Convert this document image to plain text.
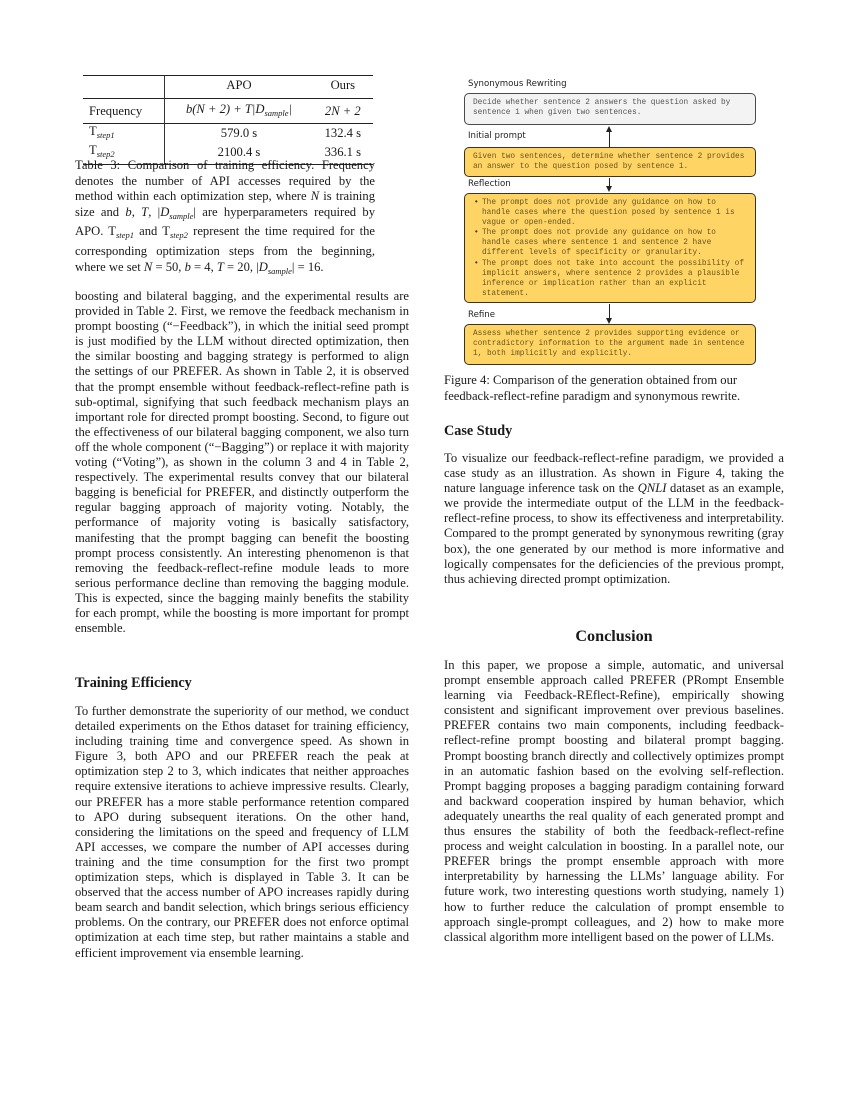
	APO	Ours
Frequency	$b(N + 2) + T|D_{sample}|$	2N + 2
$T_{step1}$	579.0 s	132.4 s
$T_{step2}$	2100.4 s	336.1 s
Table 3: Comparison of training efficiency. Frequency denotes the number of API accesses required by the method within each optimization step, where N is training size and b, T, $|D_{sample}|$ are hyperparameters required by APO. $T_{step1}$ and $T_{step2}$ represent the time required for the corresponding optimization steps from the beginning, where we set N = 50, b = 4, T = 20, $|D_{sample}| = 16$.
boosting and bilateral bagging, and the experimental results are provided in Table 2. First, we remove the feedback mechanism in prompt boosting (“−Feedback”), in which the initial seed prompt is just modified by the LLM without directed optimization, then the similar boosting and bagging strategy is performed to align the settings of our PREFER. As shown in Table 2, it is observed that the prompt ensemble without feedback-reflect-refine path is sub-optimal, signifying that such feedback mechanism plays an important role for directed prompt boosting. Second, to figure out the effectiveness of our bilateral bagging component, we also turn off the whole component (“−Bagging”) or replace it with majority voting (“Voting”), as shown in the column 3 and 4 in Table 2, respectively. The experimental results convey that our bilateral bagging is beneficial for PREFER, and distinctly outperform the regular bagging approach of majority voting. Notably, the performance of majority voting is basically satisfactory, manifesting that the prompt bagging can benefit the boosting prompt process consistently. An interesting phenomenon is that removing the feedback-reflect-refine module leads to more serious performance decline than removing the bagging module. This is expected, since the bagging mainly benefits the stability for each prompt, while the boosting is more important for prompt ensemble.
Training Efficiency
To further demonstrate the superiority of our method, we conduct detailed experiments on the Ethos dataset for training efficiency, including training time and convergence speed. As shown in Figure 3, both APO and our PREFER reach the peak at optimization step 2 to 3, which indicates that neither approaches require extensive iterations to achieve impressive results. Clearly, our PREFER has a more stable performance retention compared to APO during subsequent iterations. On the other hand, considering the limitations on the speed and frequency of LLM API accesses, we compare the number of API accesses during training and the time consumption for the first two prompt optimization steps, which is displayed in Table 3. It can be observed that the access number of APO increases rapidly during beam search and bandit selection, which brings serious efficiency problems. On the contrary, our PREFER does not enforce optimal optimization at each time step, but rather maintains a stable and efficient improvement via ensemble learning.
Synonymous Rewriting
Decide whether sentence 2 answers the question asked by sentence 1 when given two sentences.
Initial prompt
Given two sentences, determine whether sentence 2 provides an answer to the question posed by sentence 1.
Reflection
• The prompt does not provide any guidance on how to handle cases where the question posed by sentence 1 is vague or open-ended.
• The prompt does not provide any guidance on how to handle cases where sentence 1 and sentence 2 have different levels of specificity or granularity.
• The prompt does not take into account the possibility of implicit answers, where sentence 2 provides a plausible inference or implication rather than an explicit statement.
Refine
Assess whether sentence 2 provides supporting evidence or contradictory information to the argument made in sentence 1, both implicitly and explicitly.
Figure 4: Comparison of the generation obtained from our feedback-reflect-refine paradigm and synonymous rewrite.
Case Study
To visualize our feedback-reflect-refine paradigm, we provided a case study as an illustration. As shown in Figure 4, taking the nature language inference task on the QNLI dataset as an example, we provide the intermediate output of the LLM in the feedback-reflect-refine process, to show its effectiveness and interpretability. Compared to the prompt generated by synonymous rewriting (gray box), the one generated by our method is more informative and logically compensates for the deficiencies of the previous prompt, thus achieving directed prompt optimization.
Conclusion
In this paper, we propose a simple, automatic, and universal prompt ensemble approach called PREFER (PRompt Ensemble learning via Feedback-REflect-Refine), empirically showing consistent and significant improvement over previous baselines. PREFER contains two main components, including feedback-reflect-refine prompt boosting and bilateral prompt bagging. Prompt boosting branch directly and collectively optimizes prompt in an automatic fashion based on the evolving self-reflection. Prompt bagging proposes a bagging paradigm containing forward and backward cooperation inspired by human behavior, which adequately unearths the real quality of each generated prompt and thus ensures the stability of both the feedback-reflect-refine process and weight calculation in boosting. In a parallel note, our PREFER brings the prompt ensemble approach with more interpretability by harnessing the LLMs’ language ability. For future work, two interesting questions worth studying, namely 1) how to further reduce the calculation of prompt ensemble to approach single-prompt colleagues, and 2) how to make more classical algorithm more intelligent based on the power of LLMs.
